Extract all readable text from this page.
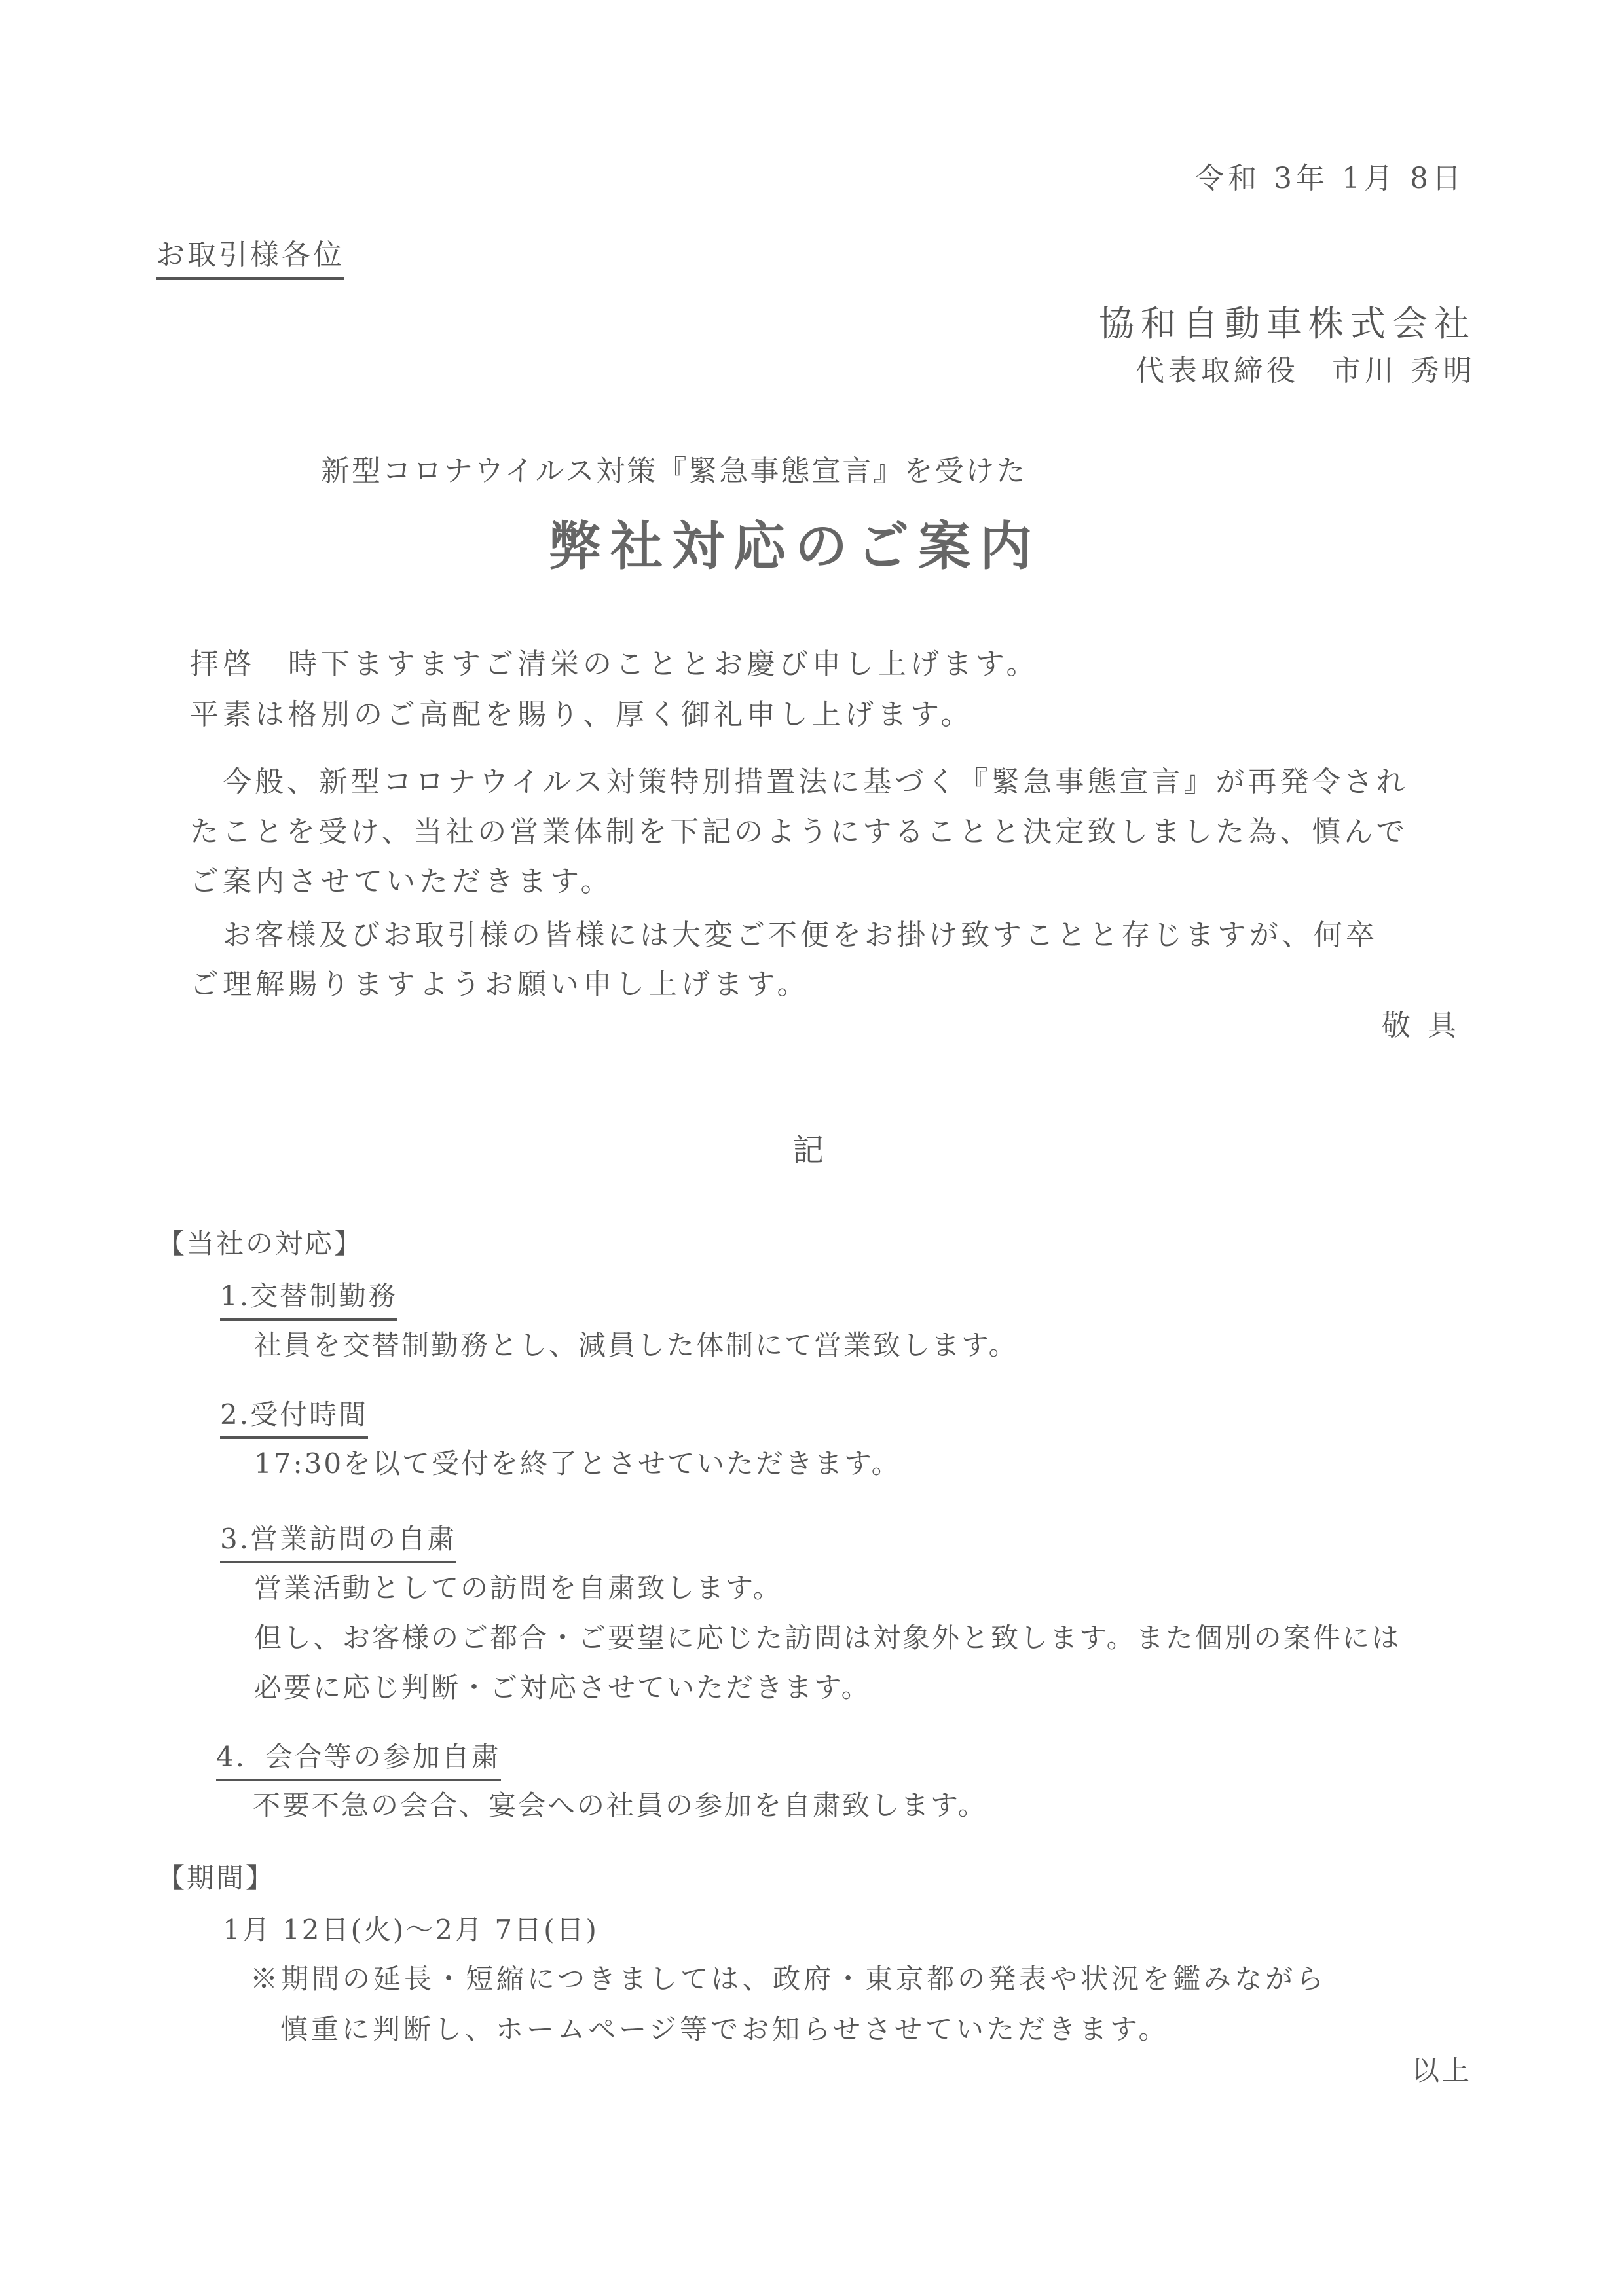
令和 3年 1月 8日
お取引様各位
協和自動車株式会社
代表取締役　市川 秀明
新型コロナウイルス対策『緊急事態宣言』を受けた
弊社対応のご案内
拝啓　時下ますますご清栄のこととお慶び申し上げます。
平素は格別のご高配を賜り、厚く御礼申し上げます。
今般、新型コロナウイルス対策特別措置法に基づく『緊急事態宣言』が再発令され
たことを受け、当社の営業体制を下記のようにすることと決定致しました為、慎んで
ご案内させていただきます。
お客様及びお取引様の皆様には大変ご不便をお掛け致すことと存じますが、何卒
ご理解賜りますようお願い申し上げます。
敬具
記
【当社の対応】
1.交替制勤務
社員を交替制勤務とし、減員した体制にて営業致します。
2.受付時間
17:30を以て受付を終了とさせていただきます。
3.営業訪問の自粛
営業活動としての訪問を自粛致します。
但し、お客様のご都合・ご要望に応じた訪問は対象外と致します。また個別の案件には
必要に応じ判断・ご対応させていただきます。
4．会合等の参加自粛
不要不急の会合、宴会への社員の参加を自粛致します。
【期間】
1月 12日(火)～2月 7日(日)
※期間の延長・短縮につきましては、政府・東京都の発表や状況を鑑みながら
慎重に判断し、ホームページ等でお知らせさせていただきます。
以上
